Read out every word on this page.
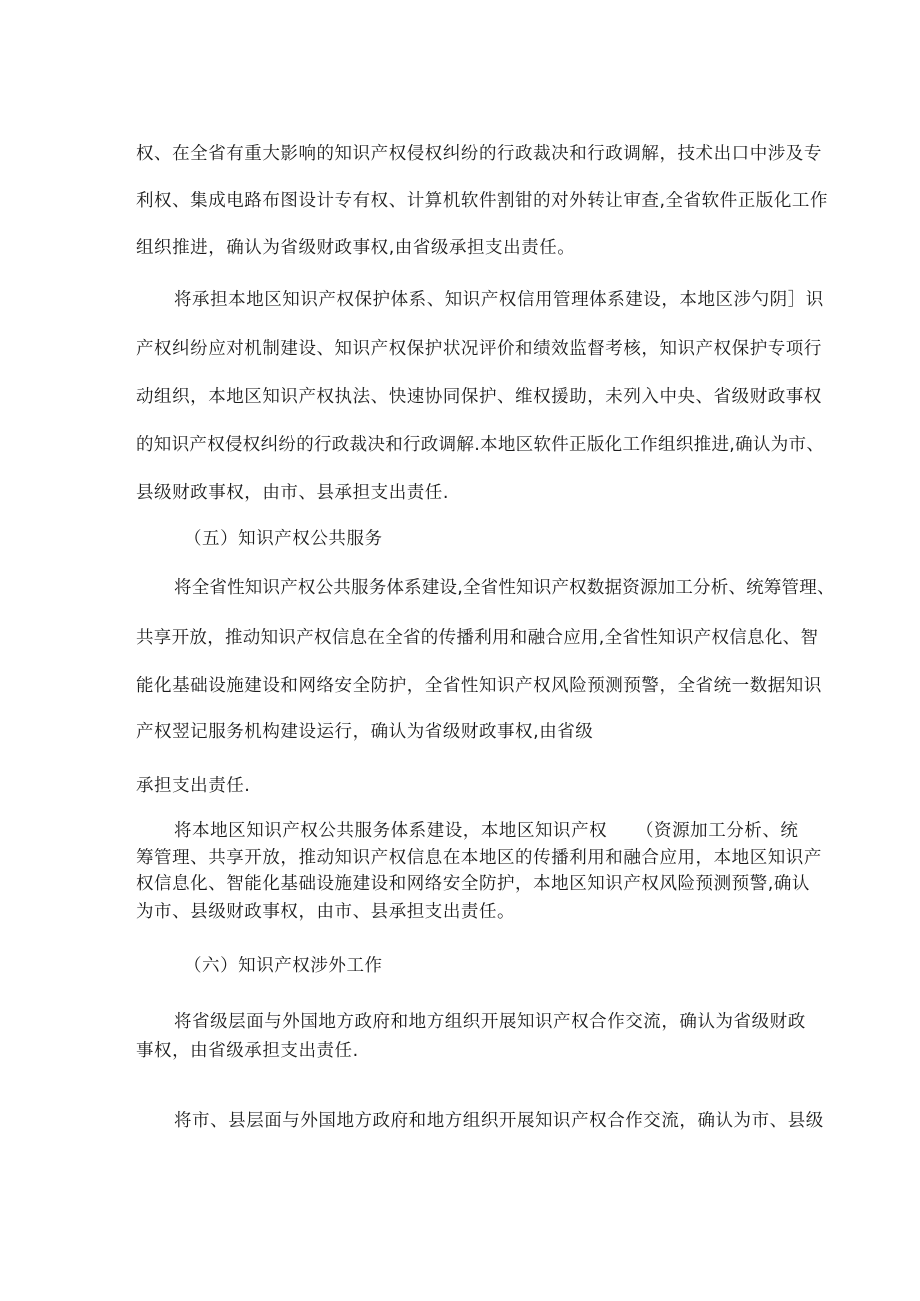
权、在全省有重大影响的知识产权侵权纠纷的行政裁决和行政调解，技术出口中涉及专
利权、集成电路布图设计专有权、计算机软件割钳的对外转让审查,全省软件正版化工作
组织推进，确认为省级财政事权,由省级承担支出责任。
将承担本地区知识产权保护体系、知识产权信用管理体系建设，本地区涉勺阴］识
产权纠纷应对机制建设、知识产权保护状况评价和绩效监督考核，知识产权保护专项行
动组织，本地区知识产权执法、快速协同保护、维权援助，未列入中央、省级财政事权
的知识产权侵权纠纷的行政裁决和行政调解.本地区软件正版化工作组织推进,确认为市、
县级财政事权，由市、县承担支出责任.
（五）知识产权公共服务
将全省性知识产权公共服务体系建设,全省性知识产权数据资源加工分析、统筹管理、
共享开放，推动知识产权信息在全省的传播利用和融合应用,全省性知识产权信息化、智
能化基础设施建设和网络安全防护，全省性知识产权风险预测预警，全省统一数据知识
产权翌记服务机构建设运行，确认为省级财政事权,由省级
承担支出责任.
将本地区知识产权公共服务体系建设，本地区知识产权 （资源加工分析、统
筹管理、共享开放，推动知识产权信息在本地区的传播利用和融合应用，本地区知识产
权信息化、智能化基础设施建设和网络安全防护，本地区知识产权风险预测预警,确认
为市、县级财政事权，由市、县承担支出责任。
（六）知识产权涉外工作
将省级层面与外国地方政府和地方组织开展知识产权合作交流，确认为省级财政
事权，由省级承担支出责任.
将市、县层面与外国地方政府和地方组织开展知识产权合作交流，确认为市、县级
